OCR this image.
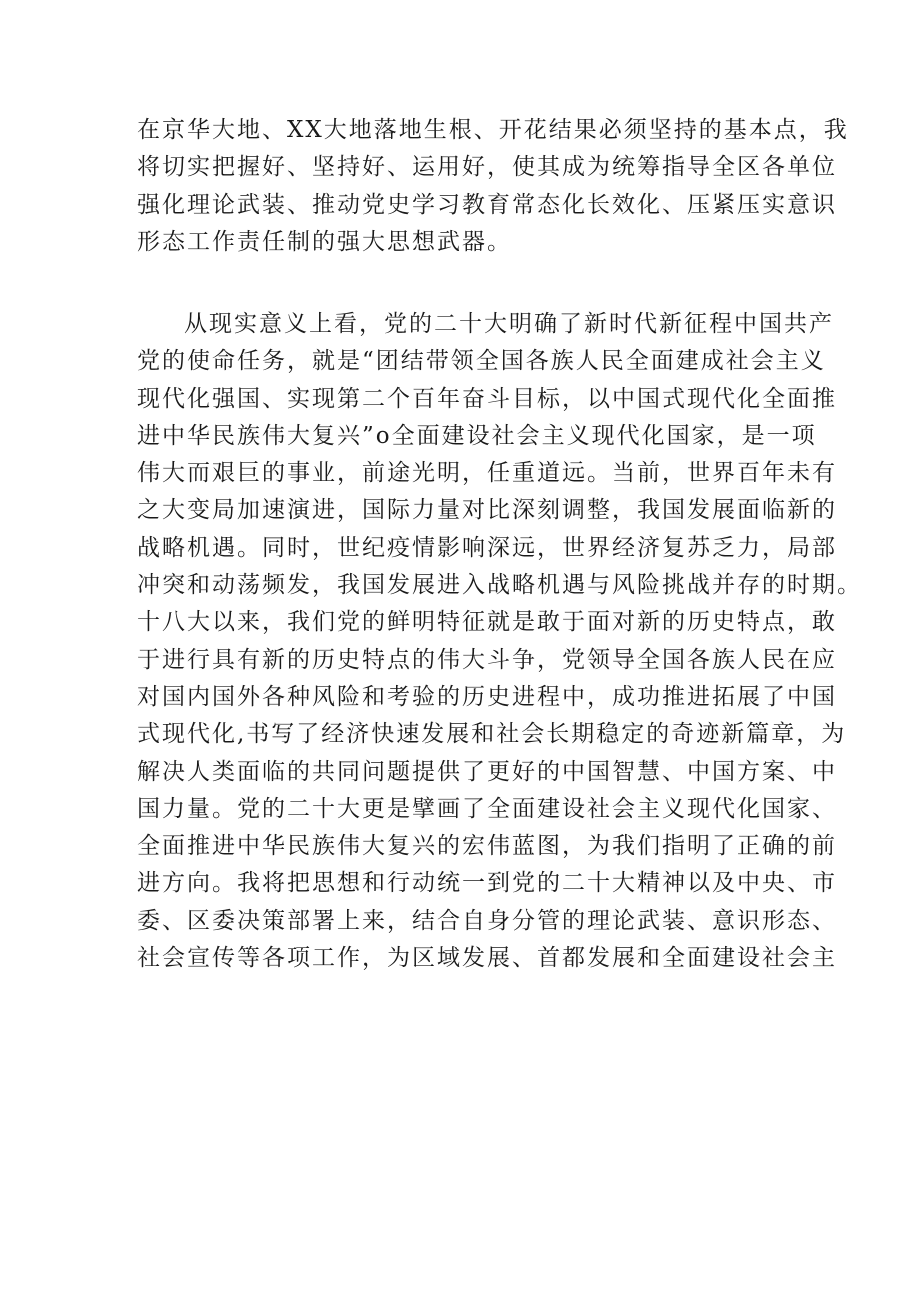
在京华大地、XX大地落地生根、开花结果必须坚持的基本点，我
将切实把握好、坚持好、运用好，使其成为统筹指导全区各单位
强化理论武装、推动党史学习教育常态化长效化、压紧压实意识
形态工作责任制的强大思想武器。
从现实意义上看，党的二十大明确了新时代新征程中国共产
党的使命任务，就是“团结带领全国各族人民全面建成社会主义
现代化强国、实现第二个百年奋斗目标，以中国式现代化全面推
进中华民族伟大复兴”o全面建设社会主义现代化国家，是一项
伟大而艰巨的事业，前途光明，任重道远。当前，世界百年未有
之大变局加速演进，国际力量对比深刻调整，我国发展面临新的
战略机遇。同时，世纪疫情影响深远，世界经济复苏乏力，局部
冲突和动荡频发，我国发展进入战略机遇与风险挑战并存的时期。
十八大以来，我们党的鲜明特征就是敢于面对新的历史特点，敢
于进行具有新的历史特点的伟大斗争，党领导全国各族人民在应
对国内国外各种风险和考验的历史进程中，成功推进拓展了中国
式现代化,书写了经济快速发展和社会长期稳定的奇迹新篇章，为
解决人类面临的共同问题提供了更好的中国智慧、中国方案、中
国力量。党的二十大更是擘画了全面建设社会主义现代化国家、
全面推进中华民族伟大复兴的宏伟蓝图，为我们指明了正确的前
进方向。我将把思想和行动统一到党的二十大精神以及中央、市
委、区委决策部署上来，结合自身分管的理论武装、意识形态、
社会宣传等各项工作，为区域发展、首都发展和全面建设社会主
